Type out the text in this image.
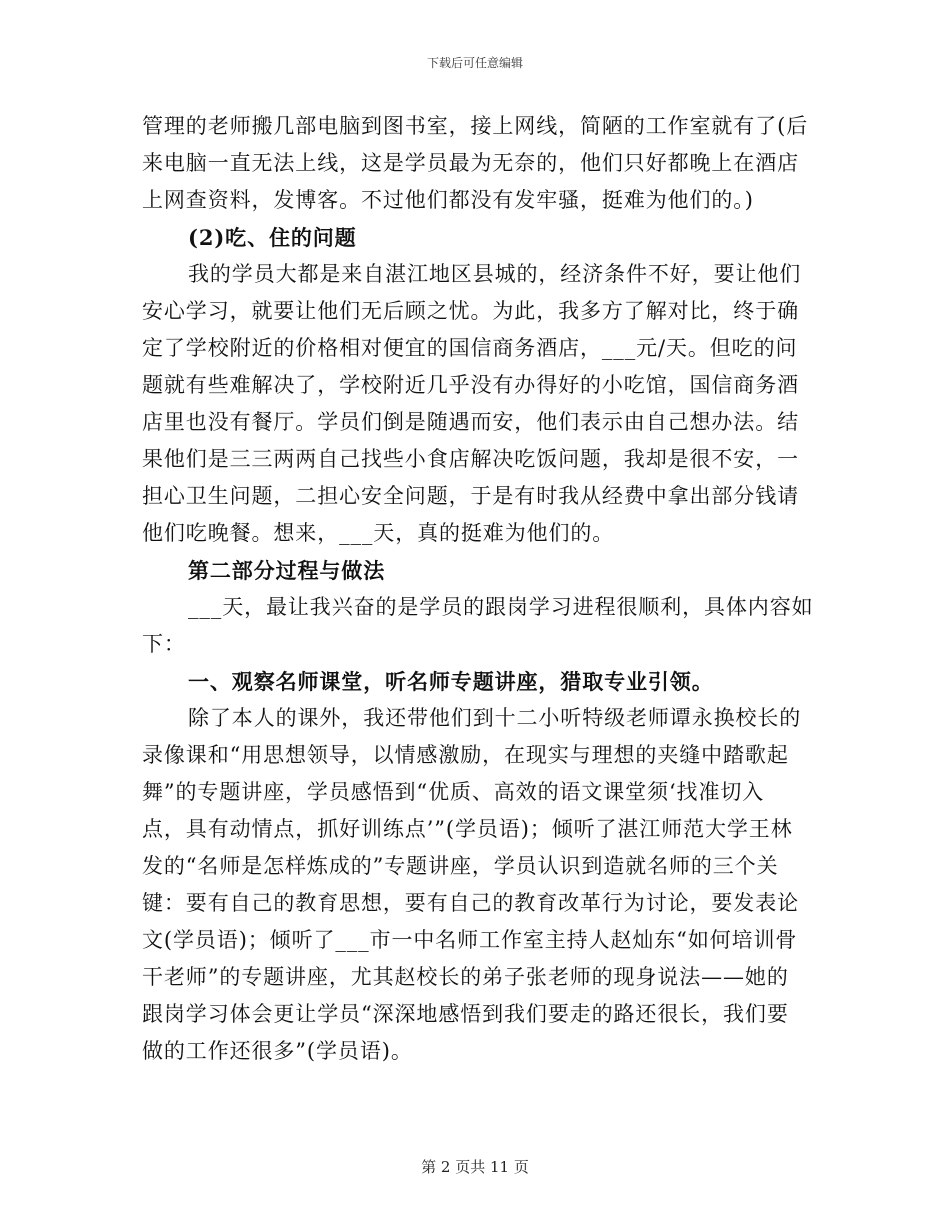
下载后可任意编辑
管理的老师搬几部电脑到图书室，接上网线，简陋的工作室就有了(后
来电脑一直无法上线，这是学员最为无奈的，他们只好都晚上在酒店
上网查资料，发博客。不过他们都没有发牢骚，挺难为他们的。)
(2)吃、住的问题
我的学员大都是来自湛江地区县城的，经济条件不好，要让他们
安心学习，就要让他们无后顾之忧。为此，我多方了解对比，终于确
定了学校附近的价格相对便宜的国信商务酒店，___元/天。但吃的问
题就有些难解决了，学校附近几乎没有办得好的小吃馆，国信商务酒
店里也没有餐厅。学员们倒是随遇而安，他们表示由自己想办法。结
果他们是三三两两自己找些小食店解决吃饭问题，我却是很不安，一
担心卫生问题，二担心安全问题，于是有时我从经费中拿出部分钱请
他们吃晚餐。想来，___天，真的挺难为他们的。
第二部分过程与做法
___天，最让我兴奋的是学员的跟岗学习进程很顺利，具体内容如
下：
一、观察名师课堂，听名师专题讲座，猎取专业引领。
除了本人的课外，我还带他们到十二小听特级老师谭永换校长的
录像课和“用思想领导，以情感激励，在现实与理想的夹缝中踏歌起
舞”的专题讲座，学员感悟到“优质、高效的语文课堂须‘找准切入
点，具有动情点，抓好训练点’”(学员语)；倾听了湛江师范大学王林
发的“名师是怎样炼成的”专题讲座，学员认识到造就名师的三个关
键：要有自己的教育思想，要有自己的教育改革行为讨论，要发表论
文(学员语)；倾听了___市一中名师工作室主持人赵灿东“如何培训骨
干老师”的专题讲座，尤其赵校长的弟子张老师的现身说法——她的
跟岗学习体会更让学员“深深地感悟到我们要走的路还很长，我们要
做的工作还很多”(学员语)。
第 2 页共 11 页
